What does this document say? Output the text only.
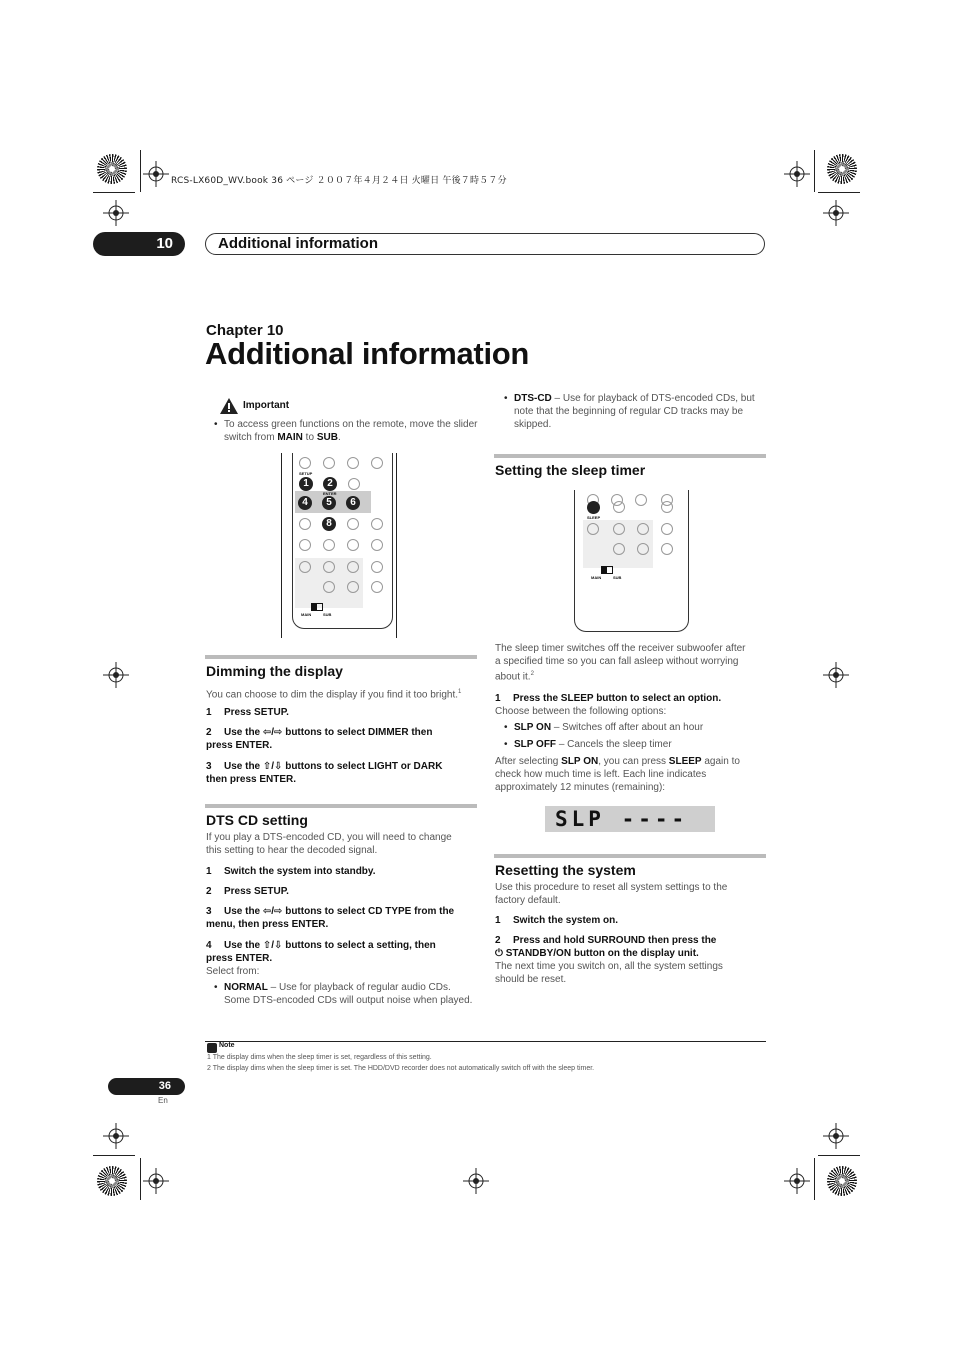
RCS-LX60D_WV.book 36 ページ ２００７年４月２４日 火曜日 午後７時５７分
10	Additional information
Chapter 10
Additional information
Important
• To access green functions on the remote, move the slider switch from MAIN to SUB.
SETUP
1	2
ENTER
4	5	6
8
MAIN	SUB
Dimming the display
You can choose to dim the display if you find it too bright.$^1$
1 Press SETUP.
2 Use the ⇦/⇨ buttons to select DIMMER then
press ENTER.
3 Use the ⇧/⇩ buttons to select LIGHT or DARK
then press ENTER.
DTS CD setting
If you play a DTS-encoded CD, you will need to change
this setting to hear the decoded signal.
1 Switch the system into standby.
2 Press SETUP.
3 Use the ⇦/⇨ buttons to select CD TYPE from the
menu, then press ENTER.
4 Use the ⇧/⇩ buttons to select a setting, then
press ENTER.
Select from:
• NORMAL – Use for playback of regular audio CDs.
Some DTS-encoded CDs will output noise when played.
• DTS-CD – Use for playback of DTS-encoded CDs, but
note that the beginning of regular CD tracks may be
skipped.
Setting the sleep timer
SLEEP
MAIN	SUB
The sleep timer switches off the receiver subwoofer after
a specified time so you can fall asleep without worrying
about it.$^2$
1 Press the SLEEP button to select an option.
Choose between the following options:
• SLP ON – Switches off after about an hour
• SLP OFF – Cancels the sleep timer
After selecting SLP ON, you can press SLEEP again to
check how much time is left. Each line indicates
approximately 12 minutes (remaining):
SLP ----
Resetting the system
Use this procedure to reset all system settings to the
factory default.
1 Switch the system on.
2 Press and hold SURROUND then press the
⏻ STANDBY/ON button on the display unit.
The next time you switch on, all the system settings
should be reset.
Note
1 The display dims when the sleep timer is set, regardless of this setting.
2 The display dims when the sleep timer is set. The HDD/DVD recorder does not automatically switch off with the sleep timer.
36
En
